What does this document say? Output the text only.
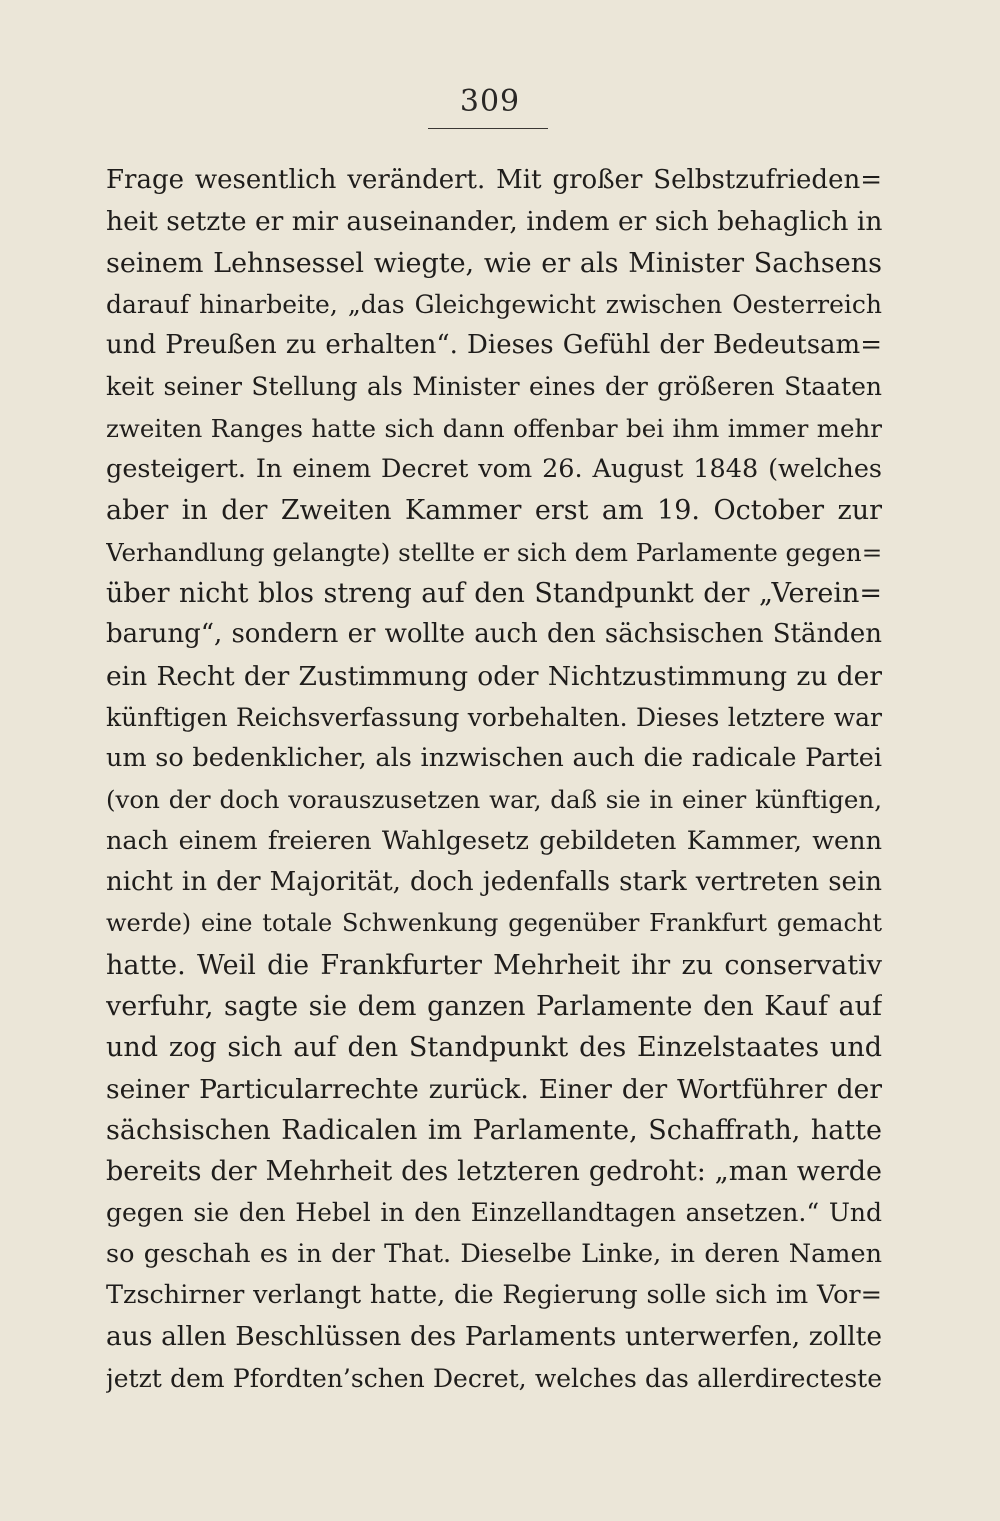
309
Frage wesentlich verändert. Mit großer Selbstzufrieden=
heit setzte er mir auseinander, indem er sich behaglich in
seinem Lehnsessel wiegte, wie er als Minister Sachsens
darauf hinarbeite, „das Gleichgewicht zwischen Oesterreich
und Preußen zu erhalten“. Dieses Gefühl der Bedeutsam=
keit seiner Stellung als Minister eines der größeren Staaten
zweiten Ranges hatte sich dann offenbar bei ihm immer mehr
gesteigert. In einem Decret vom 26. August 1848 (welches
aber in der Zweiten Kammer erst am 19. October zur
Verhandlung gelangte) stellte er sich dem Parlamente gegen=
über nicht blos streng auf den Standpunkt der „Verein=
barung“, sondern er wollte auch den sächsischen Ständen
ein Recht der Zustimmung oder Nichtzustimmung zu der
künftigen Reichsverfassung vorbehalten. Dieses letztere war
um so bedenklicher, als inzwischen auch die radicale Partei
(von der doch vorauszusetzen war, daß sie in einer künftigen,
nach einem freieren Wahlgesetz gebildeten Kammer, wenn
nicht in der Majorität, doch jedenfalls stark vertreten sein
werde) eine totale Schwenkung gegenüber Frankfurt gemacht
hatte. Weil die Frankfurter Mehrheit ihr zu conservativ
verfuhr, sagte sie dem ganzen Parlamente den Kauf auf
und zog sich auf den Standpunkt des Einzelstaates und
seiner Particularrechte zurück. Einer der Wortführer der
sächsischen Radicalen im Parlamente, Schaffrath, hatte
bereits der Mehrheit des letzteren gedroht: „man werde
gegen sie den Hebel in den Einzellandtagen ansetzen.“ Und
so geschah es in der That. Dieselbe Linke, in deren Namen
Tzschirner verlangt hatte, die Regierung solle sich im Vor=
aus allen Beschlüssen des Parlaments unterwerfen, zollte
jetzt dem Pfordten’schen Decret, welches das allerdirecteste
